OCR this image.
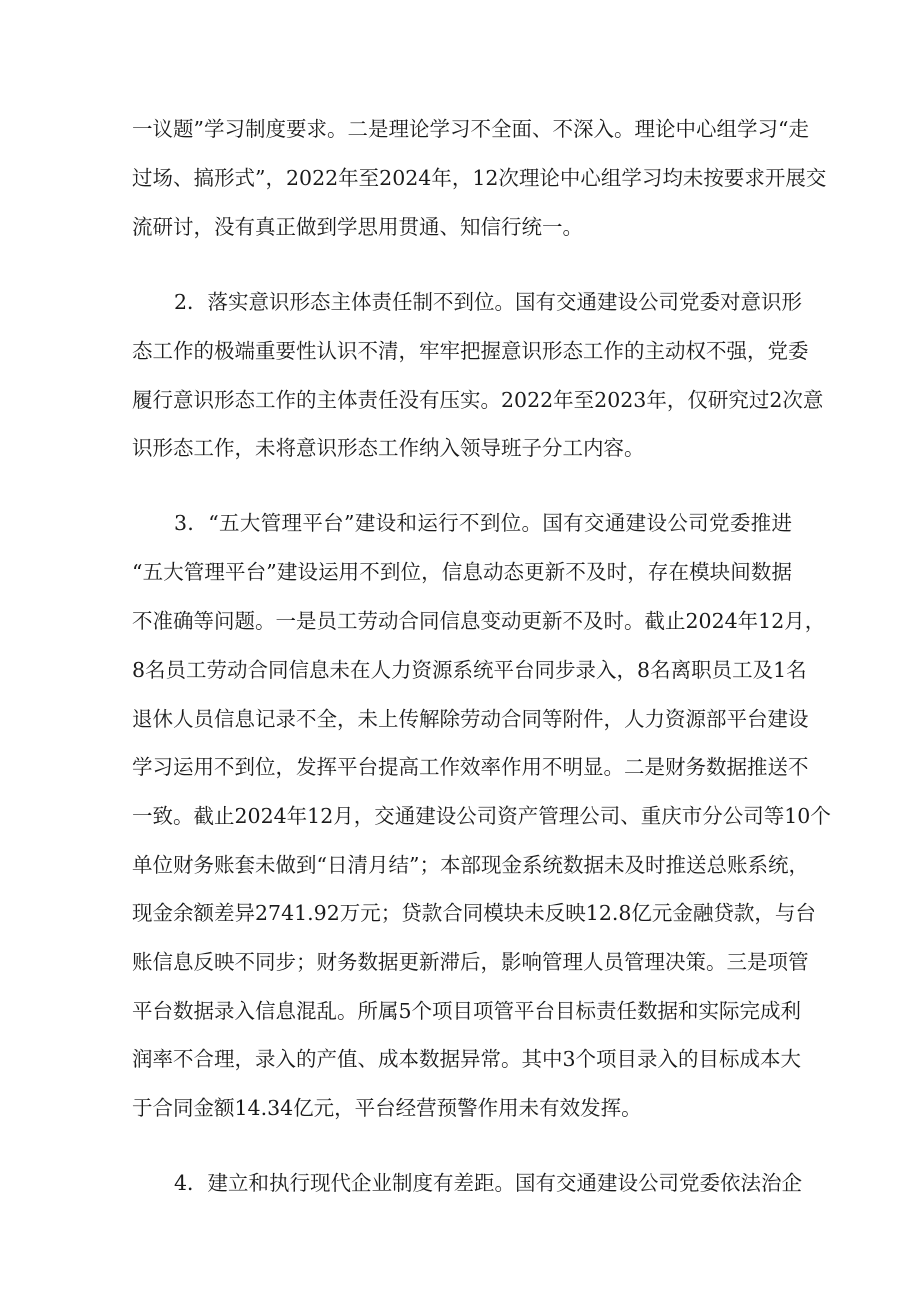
一议题”学习制度要求。二是理论学习不全面、不深入。理论中心组学习“走
过场、搞形式”，2022年至2024年，12次理论中心组学习均未按要求开展交
流研讨，没有真正做到学思用贯通、知信行统一。
2．落实意识形态主体责任制不到位。国有交通建设公司党委对意识形
态工作的极端重要性认识不清，牢牢把握意识形态工作的主动权不强，党委
履行意识形态工作的主体责任没有压实。2022年至2023年，仅研究过2次意
识形态工作，未将意识形态工作纳入领导班子分工内容。
3．“五大管理平台”建设和运行不到位。国有交通建设公司党委推进
“五大管理平台”建设运用不到位，信息动态更新不及时，存在模块间数据
不准确等问题。一是员工劳动合同信息变动更新不及时。截止2024年12月，
8名员工劳动合同信息未在人力资源系统平台同步录入，8名离职员工及1名
退休人员信息记录不全，未上传解除劳动合同等附件，人力资源部平台建设
学习运用不到位，发挥平台提高工作效率作用不明显。二是财务数据推送不
一致。截止2024年12月，交通建设公司资产管理公司、重庆市分公司等10个
单位财务账套未做到“日清月结”；本部现金系统数据未及时推送总账系统，
现金余额差异2741.92万元；贷款合同模块未反映12.8亿元金融贷款，与台
账信息反映不同步；财务数据更新滞后，影响管理人员管理决策。三是项管
平台数据录入信息混乱。所属5个项目项管平台目标责任数据和实际完成利
润率不合理，录入的产值、成本数据异常。其中3个项目录入的目标成本大
于合同金额14.34亿元，平台经营预警作用未有效发挥。
4．建立和执行现代企业制度有差距。国有交通建设公司党委依法治企
